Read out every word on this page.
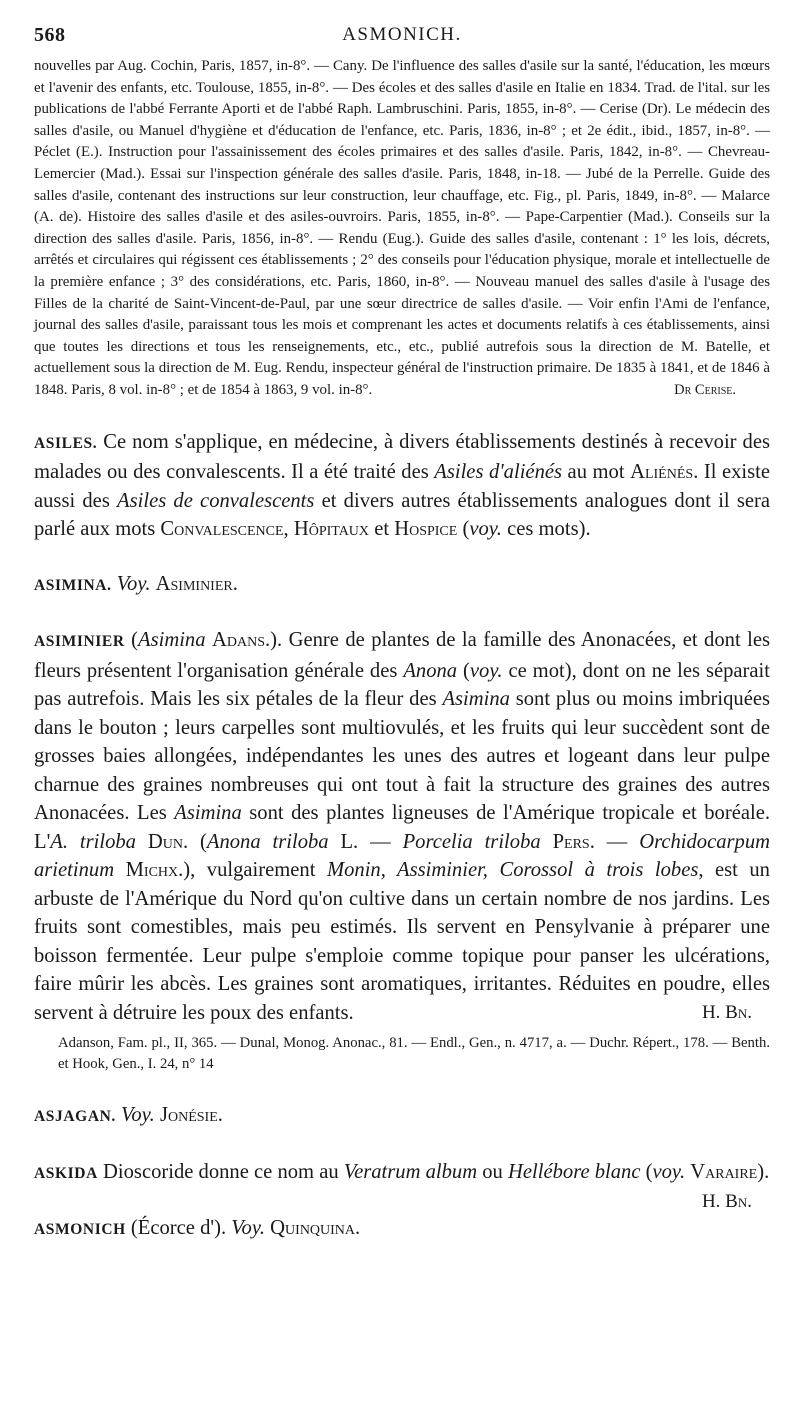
568	ASMONICH.

nouvelles par Aug. Cochin, Paris, 1857, in-8°. — Cany. De l'influence des salles d'asile sur la santé, l'éducation, les mœurs et l'avenir des enfants, etc. Toulouse, 1855, in-8°. — Des écoles et des salles d'asile en Italie en 1834. Trad. de l'ital. sur les publications de l'abbé Ferrante Aporti et de l'abbé Raph. Lambruschini. Paris, 1855, in-8°. — Cerise (Dr). Le médecin des salles d'asile, ou Manuel d'hygiène et d'éducation de l'enfance, etc. Paris, 1836, in-8° ; et 2e édit., ibid., 1857, in-8°. — Péclet (E.). Instruction pour l'assainissement des écoles primaires et des salles d'asile. Paris, 1842, in-8°. — Chevreau-Lemercier (Mad.). Essai sur l'inspection générale des salles d'asile. Paris, 1848, in-18. — Jubé de la Perrelle. Guide des salles d'asile, contenant des instructions sur leur construction, leur chauffage, etc. Fig., pl. Paris, 1849, in-8°. — Malarce (A. de). Histoire des salles d'asile et des asiles-ouvroirs. Paris, 1855, in-8°. — Pape-Carpentier (Mad.). Conseils sur la direction des salles d'asile. Paris, 1856, in-8°. — Rendu (Eug.). Guide des salles d'asile, contenant : 1° les lois, décrets, arrêtés et circulaires qui régissent ces établissements ; 2° des conseils pour l'éducation physique, morale et intellectuelle de la première enfance ; 3° des considérations, etc. Paris, 1860, in-8°. — Nouveau manuel des salles d'asile à l'usage des Filles de la charité de Saint-Vincent-de-Paul, par une sœur directrice de salles d'asile. — Voir enfin l'Ami de l'enfance, journal des salles d'asile, paraissant tous les mois et comprenant les actes et documents relatifs à ces établissements, ainsi que toutes les directions et tous les renseignements, etc., etc., publié autrefois sous la direction de M. Batelle, et actuellement sous la direction de M. Eug. Rendu, inspecteur général de l'instruction primaire. De 1835 à 1841, et de 1846 à 1848. Paris, 8 vol. in-8° ; et de 1854 à 1863, 9 vol. in-8°.	Dr Cerise.

ASILES. Ce nom s'applique, en médecine, à divers établissements destinés à recevoir des malades ou des convalescents. Il a été traité des Asiles d'aliénés au mot Aliénés. Il existe aussi des Asiles de convalescents et divers autres établissements analogues dont il sera parlé aux mots Convalescence, Hôpitaux et Hospice (voy. ces mots).

ASIMINA. Voy. Asiminier.

ASIMINIER (Asimina Adans.). Genre de plantes de la famille des Anonacées, et dont les fleurs présentent l'organisation générale des Anona (voy. ce mot), dont on ne les séparait pas autrefois. Mais les six pétales de la fleur des Asimina sont plus ou moins imbriquées dans le bouton ; leurs carpelles sont multiovulés, et les fruits qui leur succèdent sont de grosses baies allongées, indépendantes les unes des autres et logeant dans leur pulpe charnue des graines nombreuses qui ont tout à fait la structure des graines des autres Anonacées. Les Asimina sont des plantes ligneuses de l'Amérique tropicale et boréale. L'A. triloba Dun. (Anona triloba L. — Porcelia triloba Pers. — Orchidocarpum arietinum Michx.), vulgairement Monin, Assiminier, Corossol à trois lobes, est un arbuste de l'Amérique du Nord qu'on cultive dans un certain nombre de nos jardins. Les fruits sont comestibles, mais peu estimés. Ils servent en Pensylvanie à préparer une boisson fermentée. Leur pulpe s'emploie comme topique pour panser les ulcérations, faire mûrir les abcès. Les graines sont aromatiques, irritantes. Réduites en poudre, elles servent à détruire les poux des enfants.	H. Bn.

Adanson, Fam. pl., II, 365. — Dunal, Monog. Anonac., 81. — Endl., Gen., n. 4717, a. — Duchr. Répert., 178. — Benth. et Hook, Gen., I. 24, n° 14

ASJAGAN. Voy. Jonésie.

ASKIDA Dioscoride donne ce nom au Veratrum album ou Hellébore blanc (voy. Varaire).
H. Bn.

ASMONICH (Écorce d'). Voy. Quinquina.
